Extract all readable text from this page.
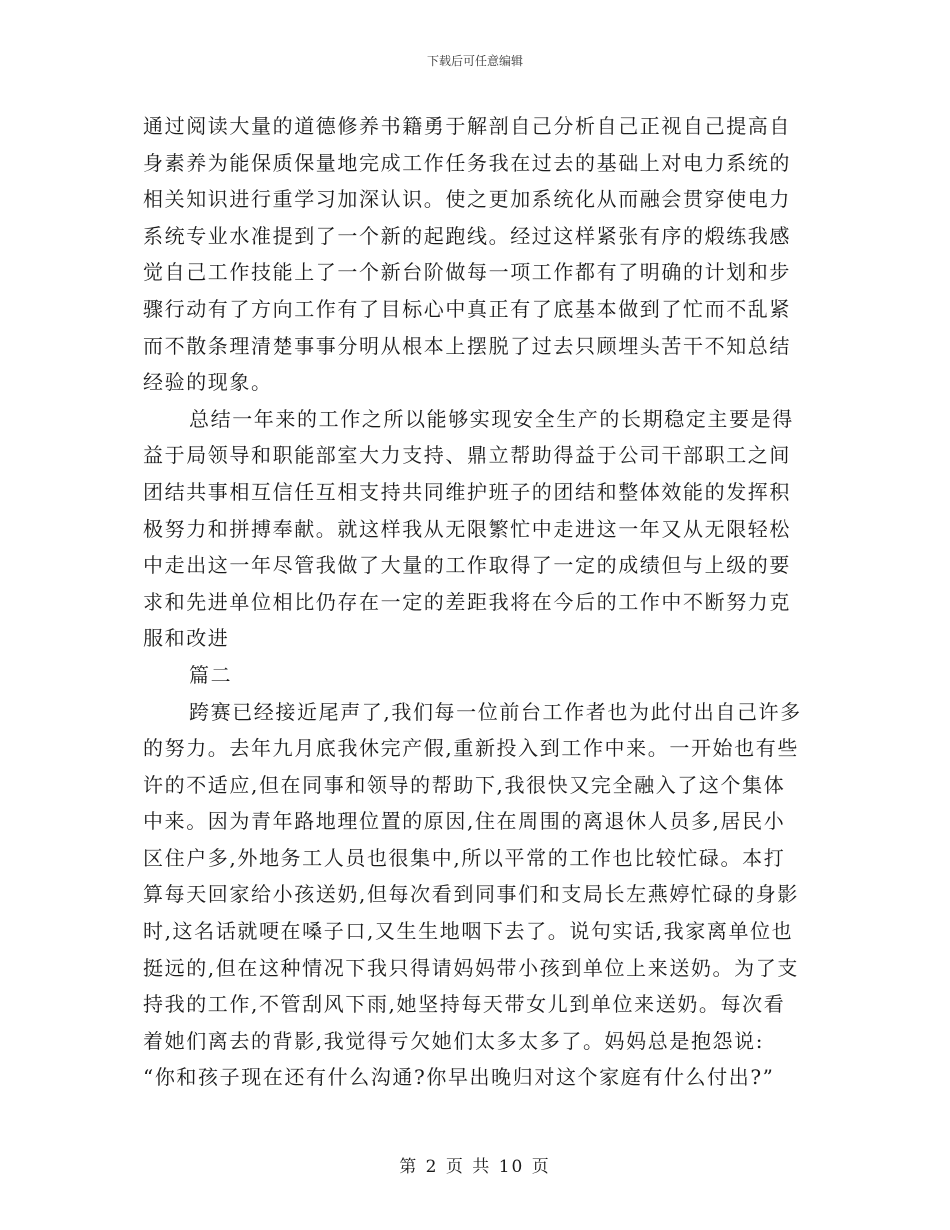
下载后可任意编辑
通过阅读大量的道德修养书籍勇于解剖自己分析自己正视自己提高自
身素养为能保质保量地完成工作任务我在过去的基础上对电力系统的
相关知识进行重学习加深认识。使之更加系统化从而融会贯穿使电力
系统专业水准提到了一个新的起跑线。经过这样紧张有序的煅练我感
觉自己工作技能上了一个新台阶做每一项工作都有了明确的计划和步
骤行动有了方向工作有了目标心中真正有了底基本做到了忙而不乱紧
而不散条理清楚事事分明从根本上摆脱了过去只顾埋头苦干不知总结
经验的现象。
总结一年来的工作之所以能够实现安全生产的长期稳定主要是得
益于局领导和职能部室大力支持、鼎立帮助得益于公司干部职工之间
团结共事相互信任互相支持共同维护班子的团结和整体效能的发挥积
极努力和拼搏奉献。就这样我从无限繁忙中走进这一年又从无限轻松
中走出这一年尽管我做了大量的工作取得了一定的成绩但与上级的要
求和先进单位相比仍存在一定的差距我将在今后的工作中不断努力克
服和改进
篇二
跨赛已经接近尾声了,我们每一位前台工作者也为此付出自己许多
的努力。去年九月底我休完产假,重新投入到工作中来。一开始也有些
许的不适应,但在同事和领导的帮助下,我很快又完全融入了这个集体
中来。因为青年路地理位置的原因,住在周围的离退休人员多,居民小
区住户多,外地务工人员也很集中,所以平常的工作也比较忙碌。本打
算每天回家给小孩送奶,但每次看到同事们和支局长左燕婷忙碌的身影
时,这名话就哽在嗓子口,又生生地咽下去了。说句实话,我家离单位也
挺远的,但在这种情况下我只得请妈妈带小孩到单位上来送奶。为了支
持我的工作,不管刮风下雨,她坚持每天带女儿到单位来送奶。每次看
着她们离去的背影,我觉得亏欠她们太多太多了。妈妈总是抱怨说:
“你和孩子现在还有什么沟通?你早出晚归对这个家庭有什么付出?”
第 2 页 共 10 页
